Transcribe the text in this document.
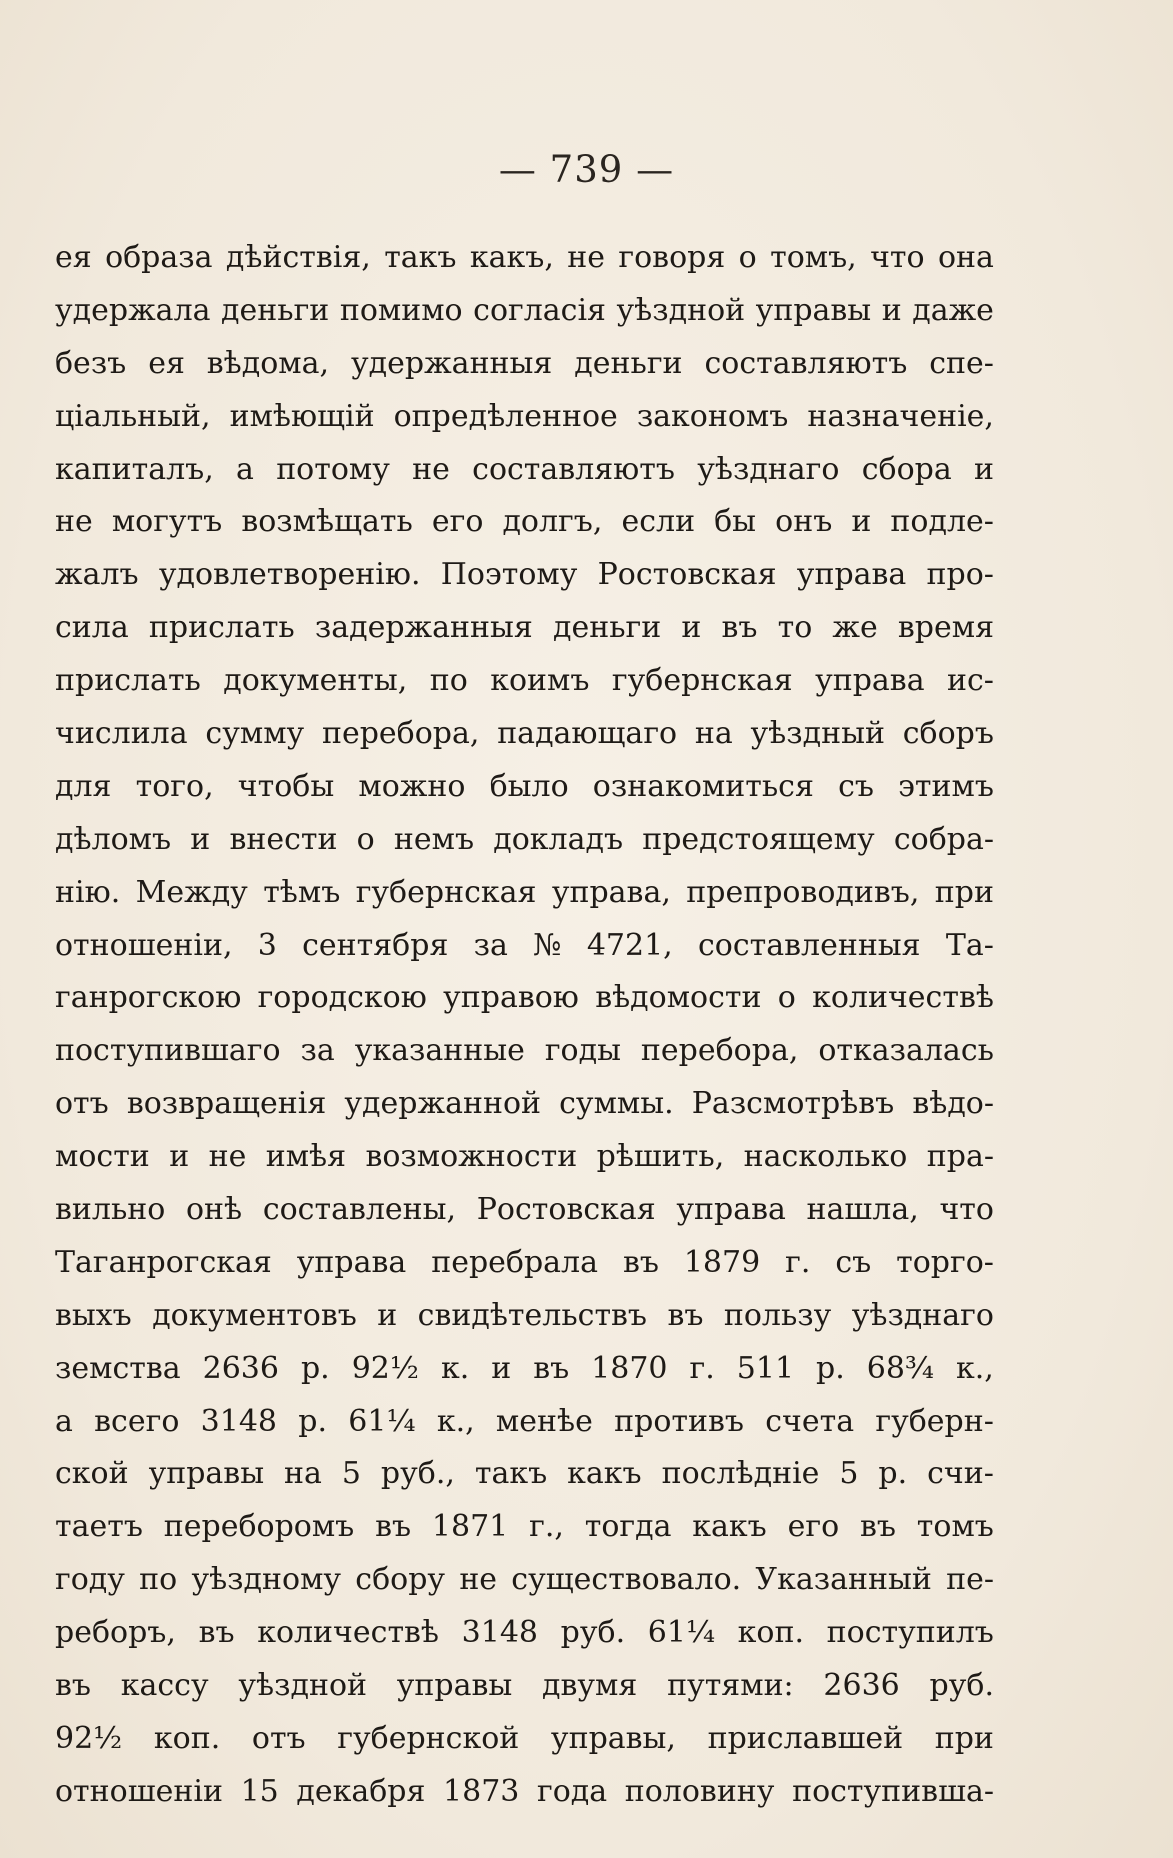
— 739 —
ея образа дѣйствія, такъ какъ, не говоря о томъ, что она
удержала деньги помимо согласія уѣздной управы и даже
безъ ея вѣдома, удержанныя деньги составляютъ спе-
ціальный, имѣющій опредѣленное закономъ назначеніе,
капиталъ, а потому не составляютъ уѣзднаго сбора и
не могутъ возмѣщать его долгъ, если бы онъ и подле-
жалъ удовлетворенію. Поэтому Ростовская управа про-
сила прислать задержанныя деньги и въ то же время
прислать документы, по коимъ губернская управа ис-
числила сумму перебора, падающаго на уѣздный сборъ
для того, чтобы можно было ознакомиться съ этимъ
дѣломъ и внести о немъ докладъ предстоящему собра-
нію. Между тѣмъ губернская управа, препроводивъ, при
отношеніи, 3 сентября за № 4721, составленныя Та-
ганрогскою городскою управою вѣдомости о количествѣ
поступившаго за указанные годы перебора, отказалась
отъ возвращенія удержанной суммы. Разсмотрѣвъ вѣдо-
мости и не имѣя возможности рѣшить, насколько пра-
вильно онѣ составлены, Ростовская управа нашла, что
Таганрогская управа перебрала въ 1879 г. съ торго-
выхъ документовъ и свидѣтельствъ въ пользу уѣзднаго
земства 2636 р. 92½ к. и въ 1870 г. 511 р. 68¾ к.,
а всего 3148 р. 61¼ к., менѣе противъ счета губерн-
ской управы на 5 руб., такъ какъ послѣдніе 5 р. счи-
таетъ переборомъ въ 1871 г., тогда какъ его въ томъ
году по уѣздному сбору не существовало. Указанный пе-
реборъ, въ количествѣ 3148 руб. 61¼ коп. поступилъ
въ кассу уѣздной управы двумя путями: 2636 руб.
92½ коп. отъ губернской управы, приславшей при
отношеніи 15 декабря 1873 года половину поступивша-
